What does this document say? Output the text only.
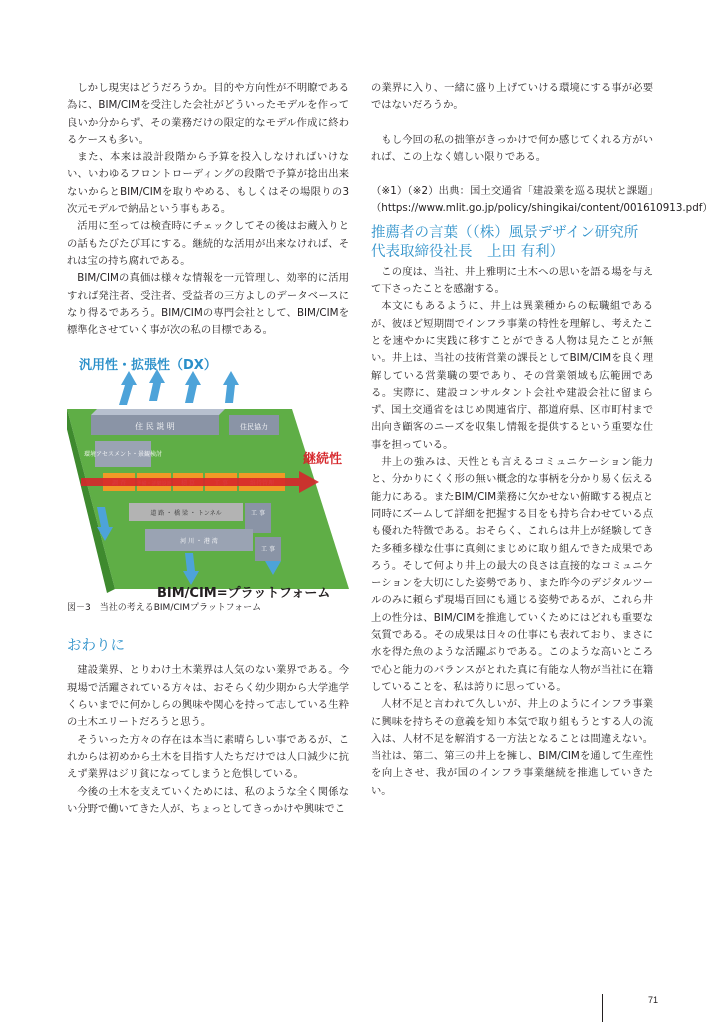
しかし現実はどうだろうか。目的や方向性が不明瞭である為に、BIM/CIMを受注した会社がどういったモデルを作って良いか分からず、その業務だけの限定的なモデル作成に終わるケースも多い。

また、本来は設計段階から予算を投入しなければいけない、いわゆるフロントローディングの段階で予算が捻出出来ないからとBIM/CIMを取りやめる、もしくはその場限りの3次元モデルで納品という事もある。

活用に至っては検査時にチェックしてその後はお蔵入りとの話もたびたび耳にする。継続的な活用が出来なければ、それは宝の持ち腐れである。

BIM/CIMの真価は様々な情報を一元管理し、効率的に活用すれば発注者、受注者、受益者の三方よしのデータベースになり得るであろう。BIM/CIMの専門会社として、BIM/CIMを標準化させていく事が次の私の目標である。

住 民 説 明	住民協力
環境アセスメント・景観検討
道 路 ・ 橋 梁 ・ トンネル	工 事
河 川 ・ 港 湾
工 事
汎用性・拡張性（DX）
継続性
BIM/CIM=プラットフォーム

図－3　当社の考えるBIM/CIMプラットフォーム

おわりに

建設業界、とりわけ土木業界は人気のない業界である。今現場で活躍されている方々は、おそらく幼少期から大学進学くらいまでに何かしらの興味や関心を持って志している生粋の土木エリートだろうと思う。

そういった方々の存在は本当に素晴らしい事であるが、これからは初めから土木を目指す人たちだけでは人口減少に抗えず業界はジリ貧になってしまうと危惧している。

今後の土木を支えていくためには、私のような全く関係ない分野で働いてきた人が、ちょっとしてきっかけや興味でこ

の業界に入り、一緒に盛り上げていける環境にする事が必要ではないだろうか。

もし今回の私の拙筆がきっかけで何か感じてくれる方がいれば、この上なく嬉しい限りである。

（※1）（※2）出典：国土交通省「建設業を巡る現状と課題」（https://www.mlit.go.jp/policy/shingikai/content/001610913.pdf）

推薦者の言葉（（株）風景デザイン研究所
代表取締役社長　上田 有利）

この度は、当社、井上雅明に土木への思いを語る場を与えて下さったことを感謝する。

本文にもあるように、井上は異業種からの転職組であるが、彼ほど短期間でインフラ事業の特性を理解し、考えたことを速やかに実践に移すことができる人物は見たことが無い。井上は、当社の技術営業の課長としてBIM/CIMを良く理解している営業職の要であり、その営業領域も広範囲である。実際に、建設コンサルタント会社や建設会社に留まらず、国土交通省をはじめ関連省庁、都道府県、区市町村まで出向き顧客のニーズを収集し情報を提供するという重要な仕事を担っている。

井上の強みは、天性とも言えるコミュニケーション能力と、分かりにくく形の無い概念的な事柄を分かり易く伝える能力にある。またBIM/CIM業務に欠かせない俯瞰する視点と同時にズームして詳細を把握する目をも持ち合わせている点も優れた特徴である。おそらく、これらは井上が経験してきた多種多様な仕事に真剣にまじめに取り組んできた成果であろう。そして何より井上の最大の良さは直接的なコミュニケーションを大切にした姿勢であり、また昨今のデジタルツールのみに頼らず現場百回にも通じる姿勢であるが、これら井上の性分は、BIM/CIMを推進していくためにはどれも重要な気質である。その成果は日々の仕事にも表れており、まさに水を得た魚のような活躍ぶりである。このような高いところで心と能力のバランスがとれた真に有能な人物が当社に在籍していることを、私は誇りに思っている。

人材不足と言われて久しいが、井上のようにインフラ事業に興味を持ちその意義を知り本気で取り組もうとする人の流入は、人材不足を解消する一方法となることは間違えない。当社は、第二、第三の井上を擁し、BIM/CIMを通して生産性を向上させ、我が国のインフラ事業継続を推進していきたい。

71
